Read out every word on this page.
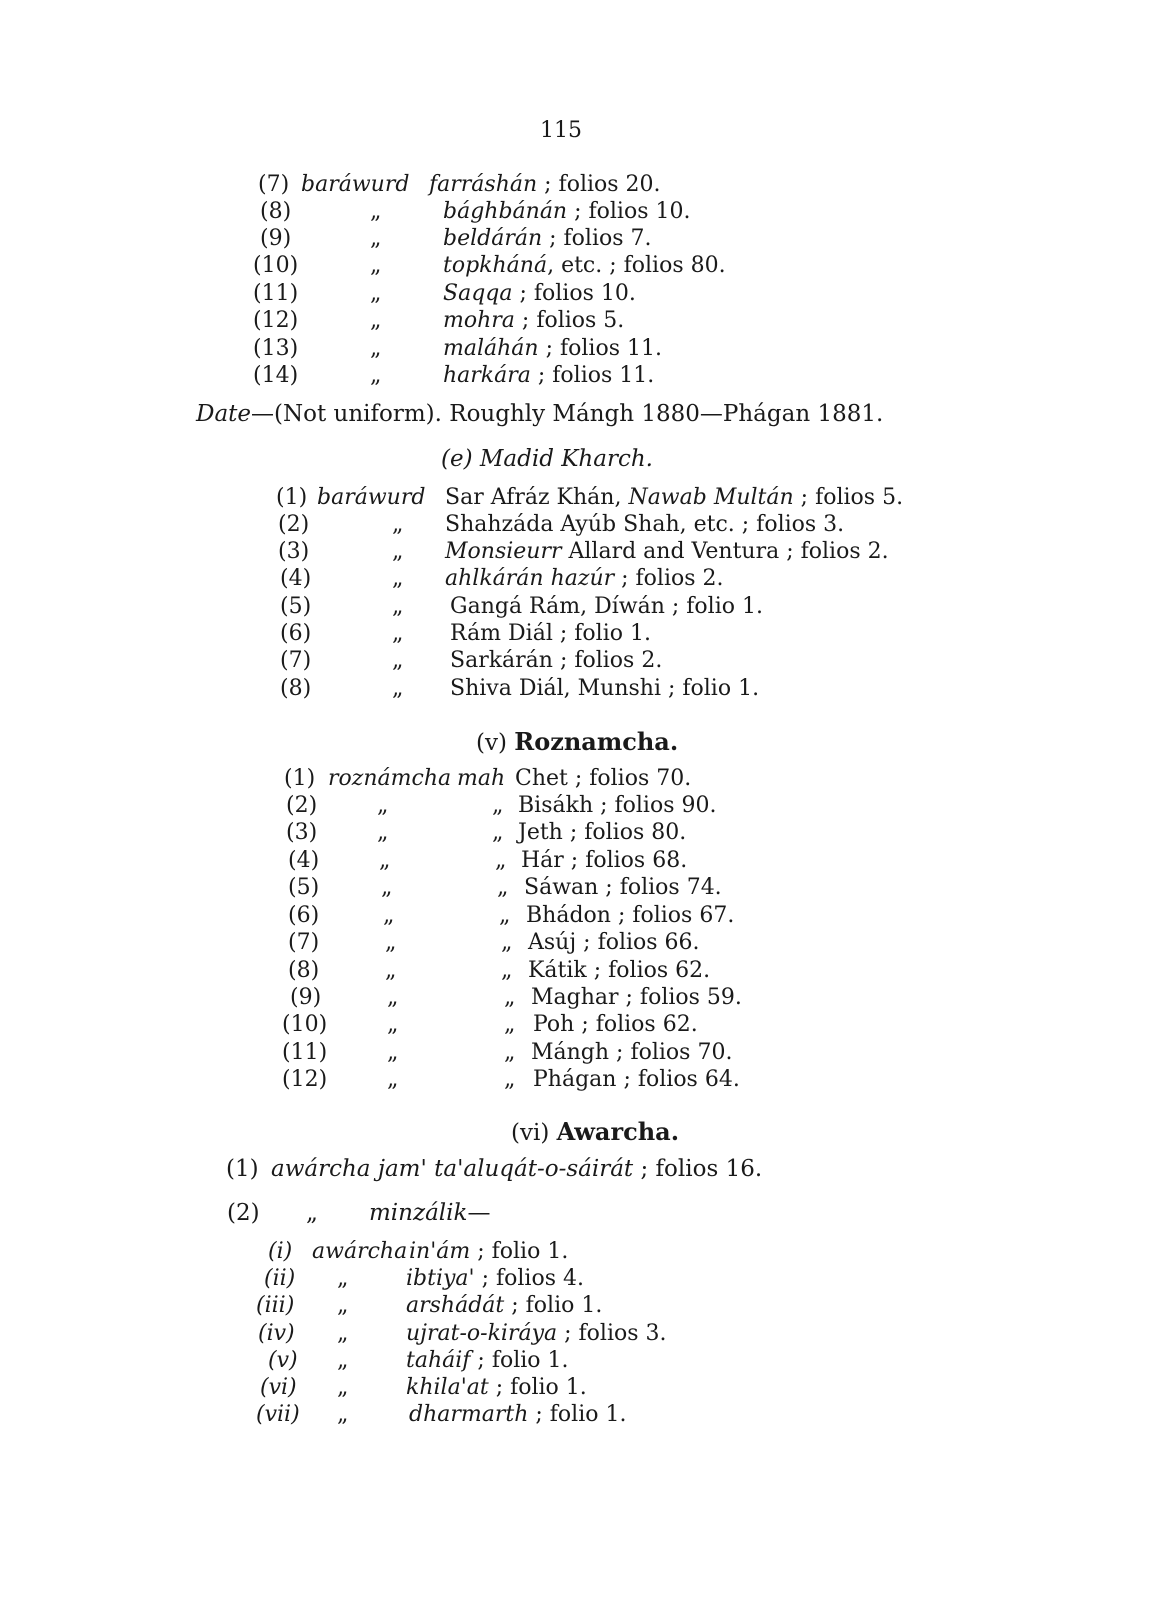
115
(7) baráwurd farráshán ; folios 20.
(8)	„	bághbánán ; folios 10.
(9)	„	beldárán ; folios 7.
(10)	„	topkháná, etc. ; folios 80.
(11)	„	Saqqa ; folios 10.
(12)	„	mohra ; folios 5.
(13)	„	maláhán ; folios 11.
(14)	„	harkára ; folios 11.
Date—(Not uniform). Roughly Mángh 1880—Phágan 1881.
(e) Madid Kharch.
(1) baráwurd Sar Afráz Khán, Nawab Multán ; folios 5.
(2)	„ Shahzáda Ayúb Shah, etc. ; folios 3.
(3)	„ Monsieurr Allard and Ventura ; folios 2.
(4)	„ ahlkárán hazúr ; folios 2.
(5)	„ Gangá Rám, Díwán ; folio 1.
(6)	„ Rám Diál ; folio 1.
(7)	„ Sarkárán ; folios 2.
(8)	„ Shiva Diál, Munshi ; folio 1.
(v) Roznamcha.
(1) roznámcha mah Chet ; folios 70.
(2)	„	„ Bisákh ; folios 90.
(3)	„	„ Jeth ; folios 80.
(4)	„	„ Hár ; folios 68.
(5)	„	„ Sáwan ; folios 74.
(6)	„	„ Bhádon ; folios 67.
(7)	„	„ Asúj ; folios 66.
(8)	„	„ Kátik ; folios 62.
(9)	„	„ Maghar ; folios 59.
(10)	„	„ Poh ; folios 62.
(11)	„	„ Mángh ; folios 70.
(12)	„	„ Phágan ; folios 64.
(vi) Awarcha.
(1) awárcha jam' ta'aluqát-o-sáirát ; folios 16.
(2) „ minzálik—
(i) awárcha in'ám ; folio 1.
(ii) „	ibtiya' ; folios 4.
(iii) „	arshádát ; folio 1.
(iv) „	ujrat-o-kiráya ; folios 3.
(v) „	taháif ; folio 1.
(vi) „	khila'at ; folio 1.
(vii) „	dharmarth ; folio 1.
